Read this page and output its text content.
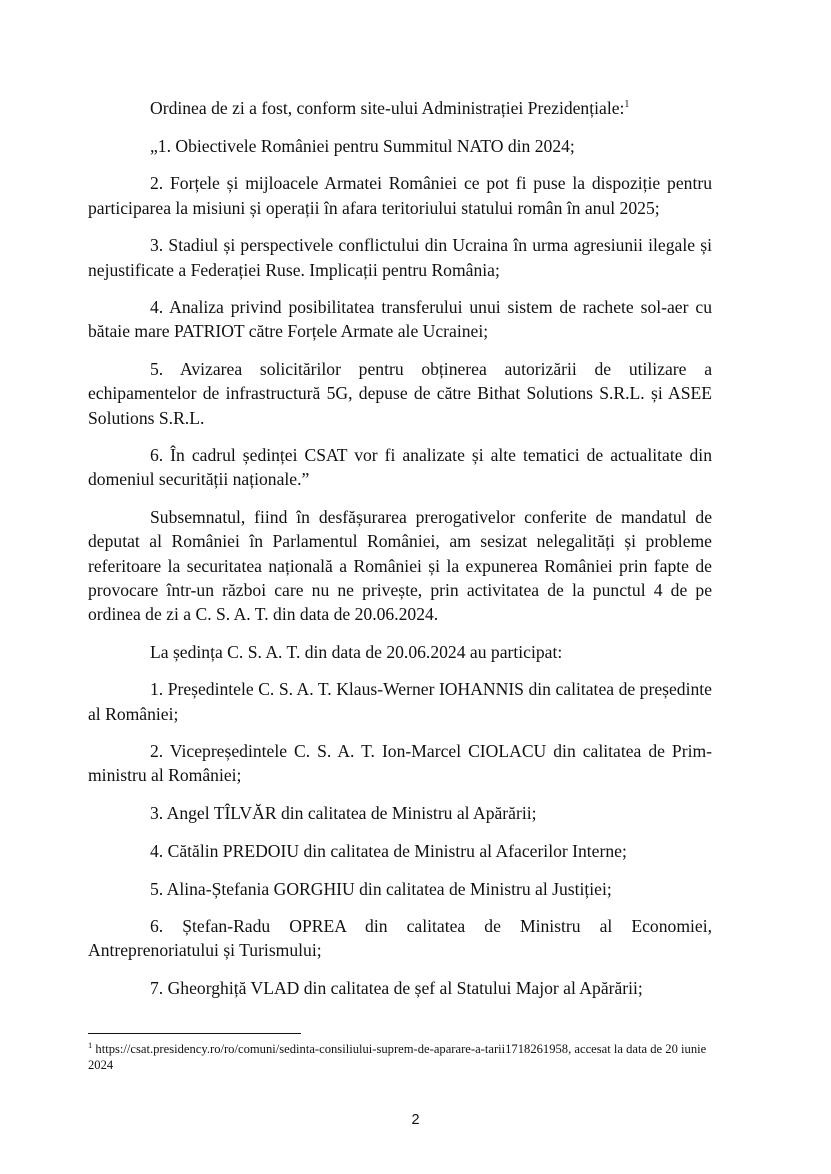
Ordinea de zi a fost, conform site-ului Administrației Prezidențiale:$^1$

„1. Obiectivele României pentru Summitul NATO din 2024;

2. Forțele și mijloacele Armatei României ce pot fi puse la dispoziție pentru participarea la misiuni și operații în afara teritoriului statului român în anul 2025;

3. Stadiul și perspectivele conflictului din Ucraina în urma agresiunii ilegale și nejustificate a Federației Ruse. Implicații pentru România;

4. Analiza privind posibilitatea transferului unui sistem de rachete sol-aer cu bătaie mare PATRIOT către Forțele Armate ale Ucrainei;

5. Avizarea solicitărilor pentru obținerea autorizării de utilizare a echipamentelor de infrastructură 5G, depuse de către Bithat Solutions S.R.L. și ASEE Solutions S.R.L.

6. În cadrul ședinței CSAT vor fi analizate și alte tematici de actualitate din domeniul securității naționale.”

Subsemnatul, fiind în desfășurarea prerogativelor conferite de mandatul de deputat al României în Parlamentul României, am sesizat nelegalități și probleme referitoare la securitatea națională a României și la expunerea României prin fapte de provocare într-un război care nu ne privește, prin activitatea de la punctul 4 de pe ordinea de zi a C. S. A. T. din data de 20.06.2024.

La ședința C. S. A. T. din data de 20.06.2024 au participat:

1. Președintele C. S. A. T. Klaus-Werner IOHANNIS din calitatea de președinte al României;

2. Vicepreședintele C. S. A. T. Ion-Marcel CIOLACU din calitatea de Prim-ministru al României;

3. Angel TÎLVĂR din calitatea de Ministru al Apărării;

4. Cătălin PREDOIU din calitatea de Ministru al Afacerilor Interne;

5. Alina-Ștefania GORGHIU din calitatea de Ministru al Justiției;

6. Ștefan-Radu OPREA din calitatea de Ministru al Economiei, Antreprenoriatului și Turismului;

7. Gheorghiță VLAD din calitatea de șef al Statului Major al Apărării;

$^1$ https://csat.presidency.ro/ro/comuni/sedinta-consiliului-suprem-de-aparare-a-tarii1718261958, accesat la data de 20 iunie 2024

2
